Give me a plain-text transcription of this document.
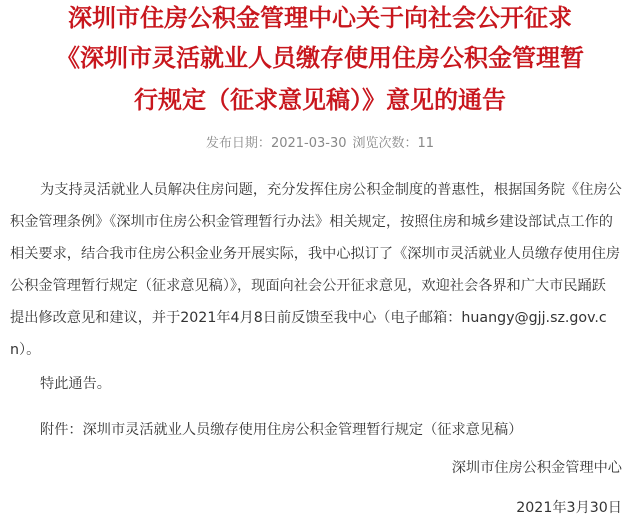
深圳市住房公积金管理中心关于向社会公开征求
《深圳市灵活就业人员缴存使用住房公积金管理暂
行规定（征求意见稿）》意见的通告
发布日期：2021-03-30 浏览次数：11

为支持灵活就业人员解决住房问题，充分发挥住房公积金制度的普惠性，根据国务院《住房公

积金管理条例》《深圳市住房公积金管理暂行办法》相关规定，按照住房和城乡建设部试点工作的

相关要求，结合我市住房公积金业务开展实际，我中心拟订了《深圳市灵活就业人员缴存使用住房

公积金管理暂行规定（征求意见稿）》，现面向社会公开征求意见，欢迎社会各界和广大市民踊跃

提出修改意见和建议，并于2021年4月8日前反馈至我中心（电子邮箱：huangy@gjj.sz.gov.c

n）。

特此通告。

附件：深圳市灵活就业人员缴存使用住房公积金管理暂行规定（征求意见稿）

深圳市住房公积金管理中心

2021年3月30日
